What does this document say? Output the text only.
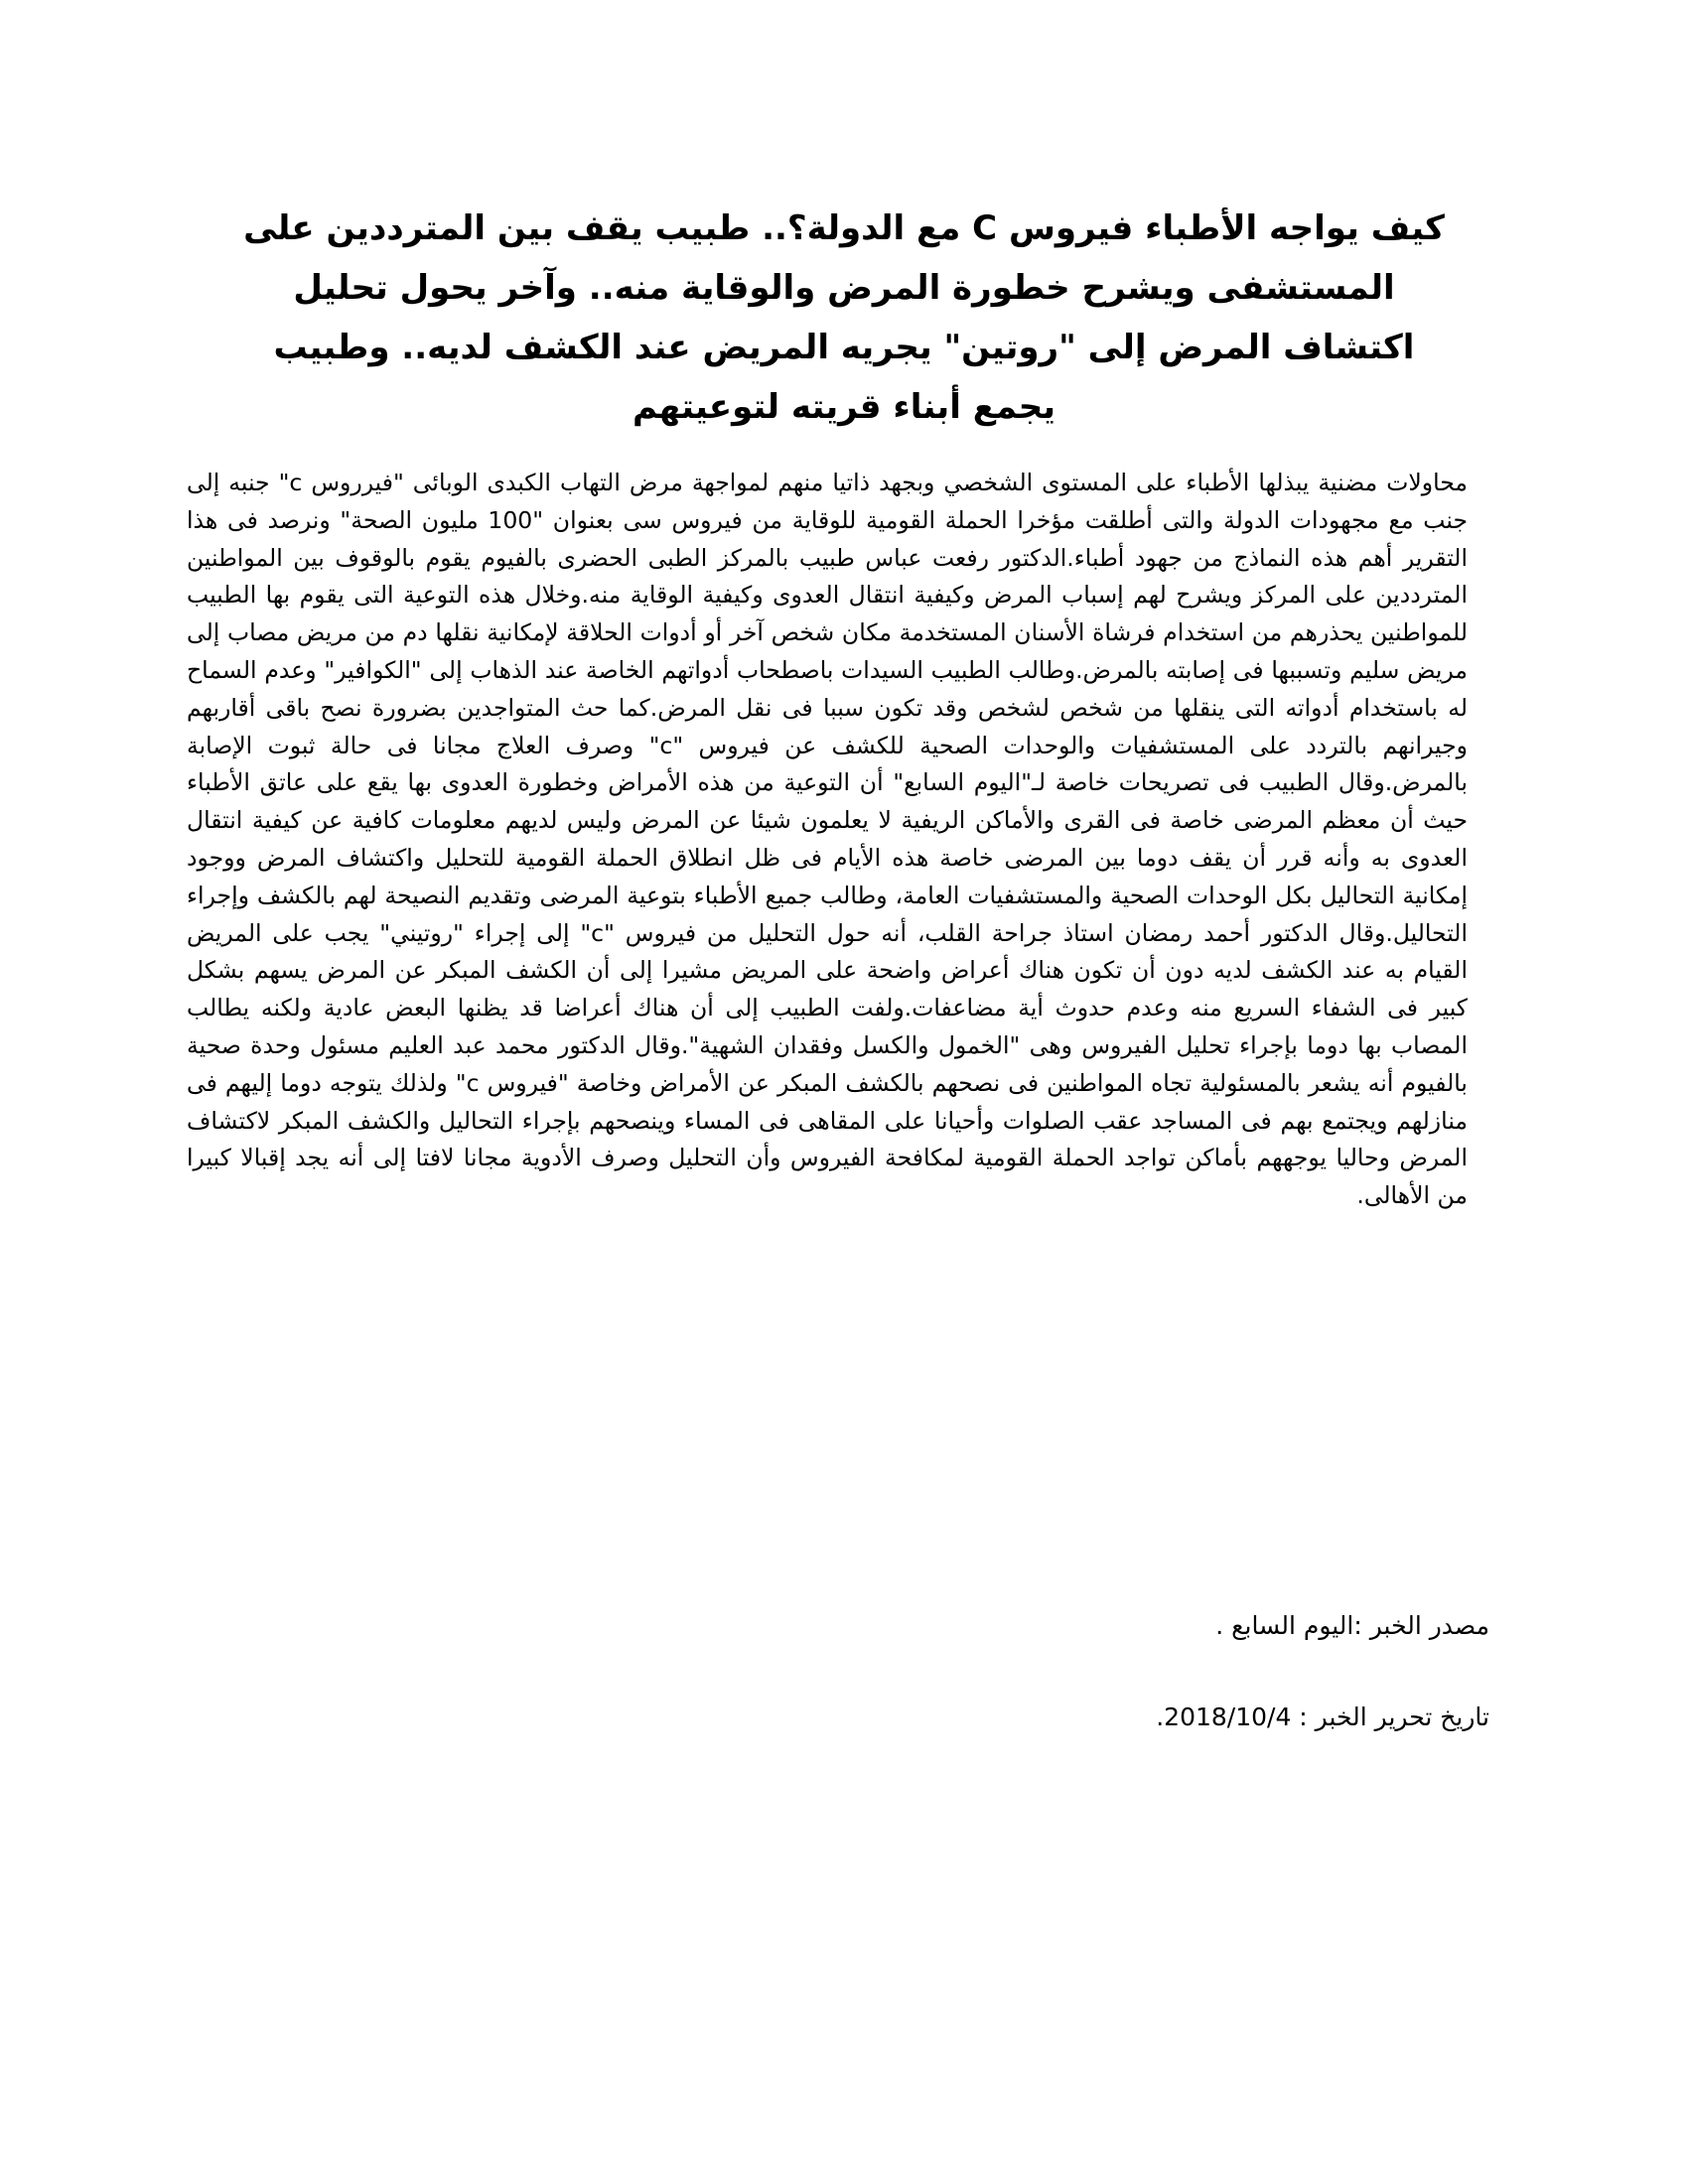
كيف يواجه الأطباء فيروس C مع الدولة؟.. طبيب يقف بين المترددين على المستشفى ويشرح خطورة المرض والوقاية منه.. وآخر يحول تحليل اكتشاف المرض إلى "روتين" يجريه المريض عند الكشف لديه.. وطبيب يجمع أبناء قريته لتوعيتهم

محاولات مضنية يبذلها الأطباء على المستوى الشخصي وبجهد ذاتيا منهم لمواجهة مرض التهاب الكبدى الوبائى "فيرروس c" جنبه إلى جنب مع مجهودات الدولة والتى أطلقت مؤخرا الحملة القومية للوقاية من فيروس سى بعنوان "100 مليون الصحة" ونرصد فى هذا التقرير أهم هذه النماذج من جهود أطباء.الدكتور رفعت عباس طبيب بالمركز الطبى الحضرى بالفيوم يقوم بالوقوف بين المواطنين المترددين على المركز ويشرح لهم إسباب المرض وكيفية انتقال العدوى وكيفية الوقاية منه.وخلال هذه التوعية التى يقوم بها الطبيب للمواطنين يحذرهم من استخدام فرشاة الأسنان المستخدمة مكان شخص آخر أو أدوات الحلاقة لإمكانية نقلها دم من مريض مصاب إلى مريض سليم وتسببها فى إصابته بالمرض.وطالب الطبيب السيدات باصطحاب أدواتهم الخاصة عند الذهاب إلى "الكوافير" وعدم السماح له باستخدام أدواته التى ينقلها من شخص لشخص وقد تكون سببا فى نقل المرض.كما حث المتواجدين بضرورة نصح باقى أقاربهم وجيرانهم بالتردد على المستشفيات والوحدات الصحية للكشف عن فيروس "c" وصرف العلاج مجانا فى حالة ثبوت الإصابة بالمرض.وقال الطبيب فى تصريحات خاصة لـ"اليوم السابع" أن التوعية من هذه الأمراض وخطورة العدوى بها يقع على عاتق الأطباء حيث أن معظم المرضى خاصة فى القرى والأماكن الريفية لا يعلمون شيئا عن المرض وليس لديهم معلومات كافية عن كيفية انتقال العدوى به وأنه قرر أن يقف دوما بين المرضى خاصة هذه الأيام فى ظل انطلاق الحملة القومية للتحليل واكتشاف المرض ووجود إمكانية التحاليل بكل الوحدات الصحية والمستشفيات العامة، وطالب جميع الأطباء بتوعية المرضى وتقديم النصيحة لهم بالكشف وإجراء التحاليل.وقال الدكتور أحمد رمضان استاذ جراحة القلب، أنه حول التحليل من فيروس "c" إلى إجراء "روتيني" يجب على المريض القيام به عند الكشف لديه دون أن تكون هناك أعراض واضحة على المريض مشيرا إلى أن الكشف المبكر عن المرض يسهم بشكل كبير فى الشفاء السريع منه وعدم حدوث أية مضاعفات.ولفت الطبيب إلى أن هناك أعراضا قد يظنها البعض عادية ولكنه يطالب المصاب بها دوما بإجراء تحليل الفيروس وهى "الخمول والكسل وفقدان الشهية".وقال الدكتور محمد عبد العليم مسئول وحدة صحية بالفيوم أنه يشعر بالمسئولية تجاه المواطنين فى نصحهم بالكشف المبكر عن الأمراض وخاصة "فيروس c" ولذلك يتوجه دوما إليهم فى منازلهم ويجتمع بهم فى المساجد عقب الصلوات وأحيانا على المقاهى فى المساء وينصحهم بإجراء التحاليل والكشف المبكر لاكتشاف المرض وحاليا يوجههم بأماكن تواجد الحملة القومية لمكافحة الفيروس وأن التحليل وصرف الأدوية مجانا لافتا إلى أنه يجد إقبالا كبيرا من الأهالى.

مصدر الخبر :اليوم السابع .

تاريخ تحرير الخبر : 2018/10/4.
